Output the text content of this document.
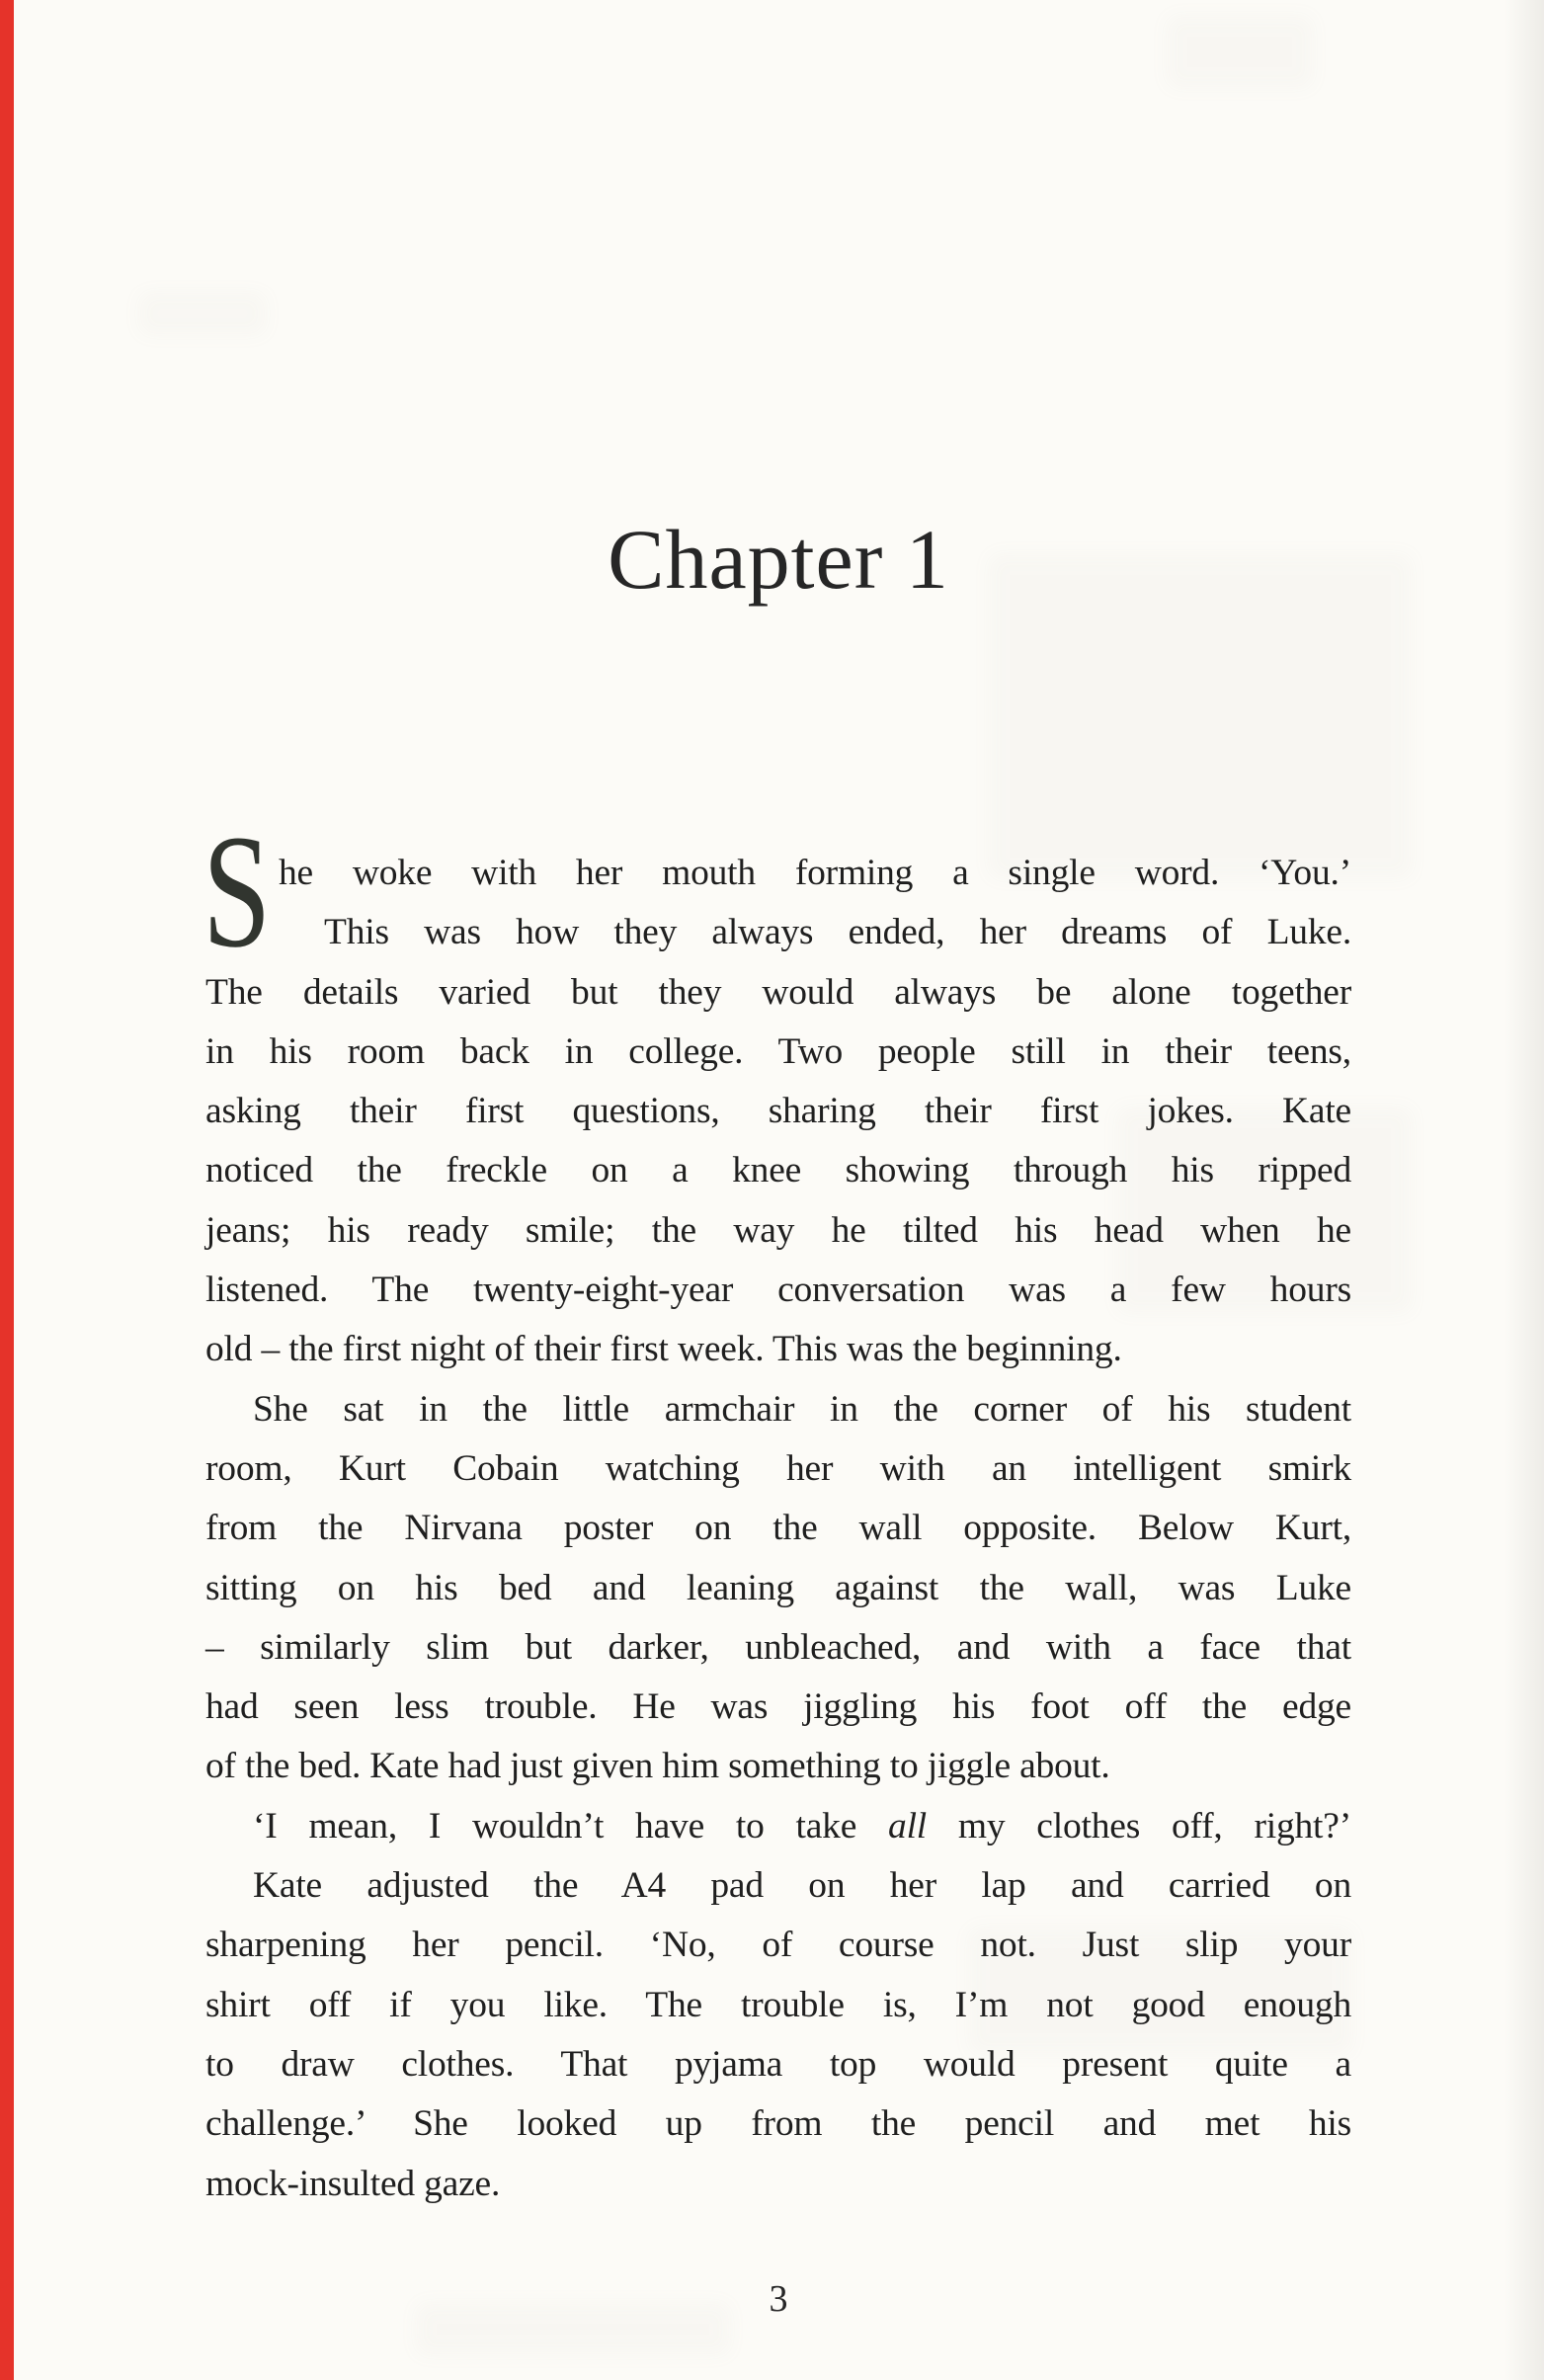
Chapter 1
S he woke with her mouth forming a single word. ‘You.’
This was how they always ended, her dreams of Luke.
The details varied but they would always be alone together
in his room back in college. Two people still in their teens,
asking their first questions, sharing their first jokes. Kate
noticed the freckle on a knee showing through his ripped
jeans; his ready smile; the way he tilted his head when he
listened. The twenty-eight-year conversation was a few hours
old – the first night of their first week. This was the beginning.
She sat in the little armchair in the corner of his student
room, Kurt Cobain watching her with an intelligent smirk
from the Nirvana poster on the wall opposite. Below Kurt,
sitting on his bed and leaning against the wall, was Luke
– similarly slim but darker, unbleached, and with a face that
had seen less trouble. He was jiggling his foot off the edge
of the bed. Kate had just given him something to jiggle about.
‘I mean, I wouldn’t have to take all my clothes off, right?’
Kate adjusted the A4 pad on her lap and carried on
sharpening her pencil. ‘No, of course not. Just slip your
shirt off if you like. The trouble is, I’m not good enough
to draw clothes. That pyjama top would present quite a
challenge.’ She looked up from the pencil and met his
mock-insulted gaze.
3
